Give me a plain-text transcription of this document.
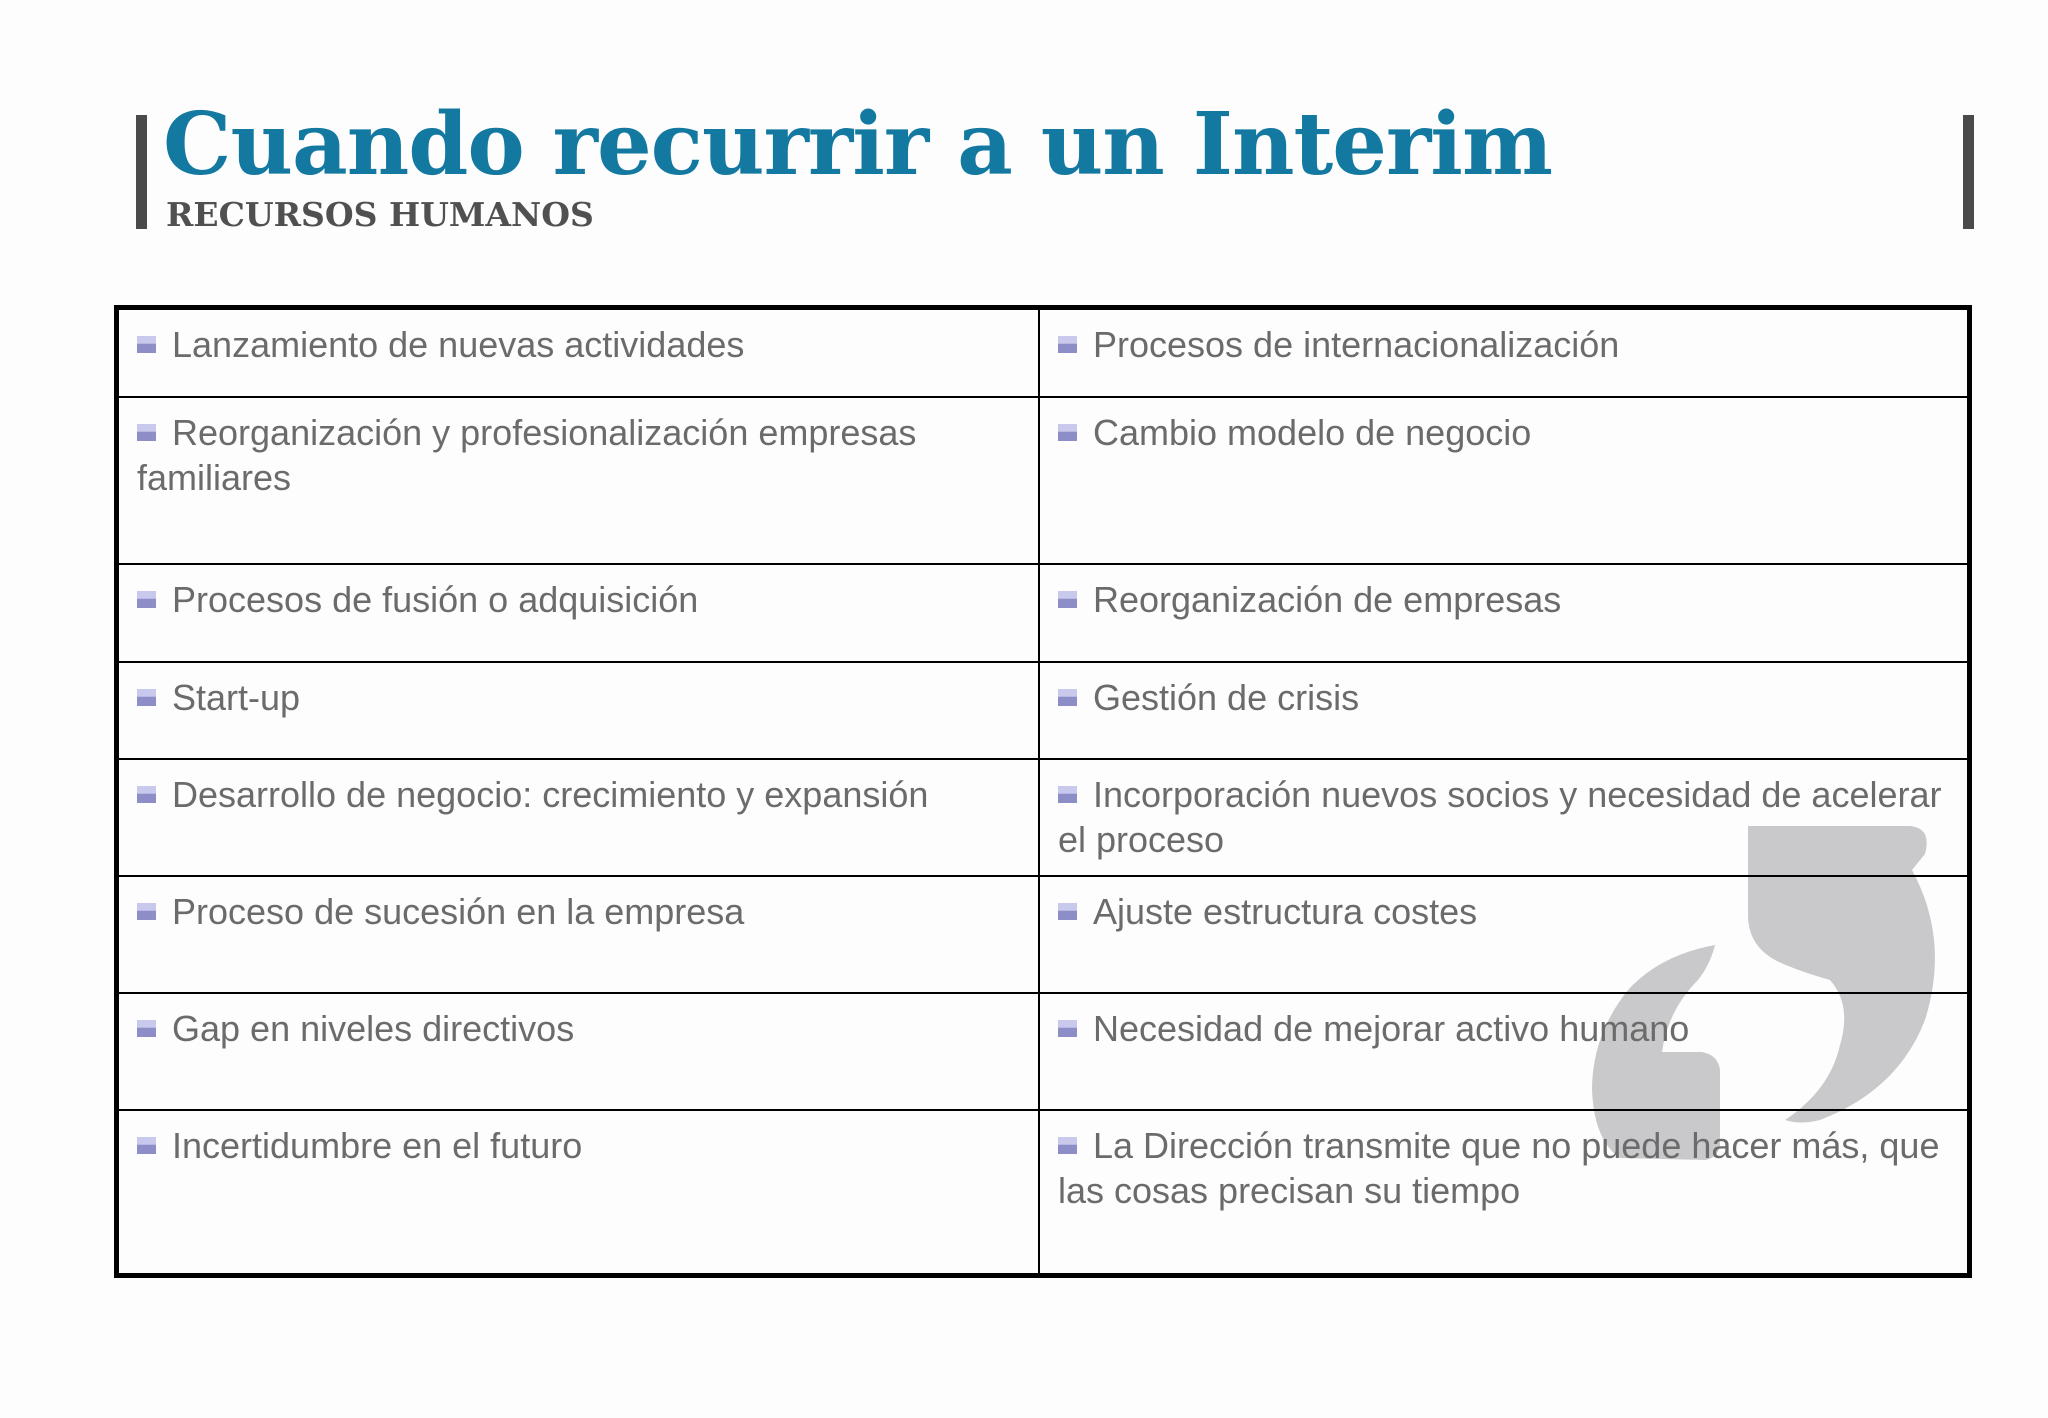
Cuando recurrir a un Interim
RECURSOS HUMANOS
Lanzamiento de nuevas actividades	Procesos de internacionalización
Reorganización y profesionalización empresas familiares	Cambio modelo de negocio
Procesos de fusión o adquisición	Reorganización de empresas
Start-up	Gestión de crisis
Desarrollo de negocio: crecimiento y expansión	Incorporación nuevos socios y necesidad de acelerar el proceso
Proceso de sucesión en la empresa	Ajuste estructura costes
Gap en niveles directivos	Necesidad de mejorar activo humano
Incertidumbre en el futuro	La Dirección transmite que no puede hacer más, que las cosas precisan su tiempo
